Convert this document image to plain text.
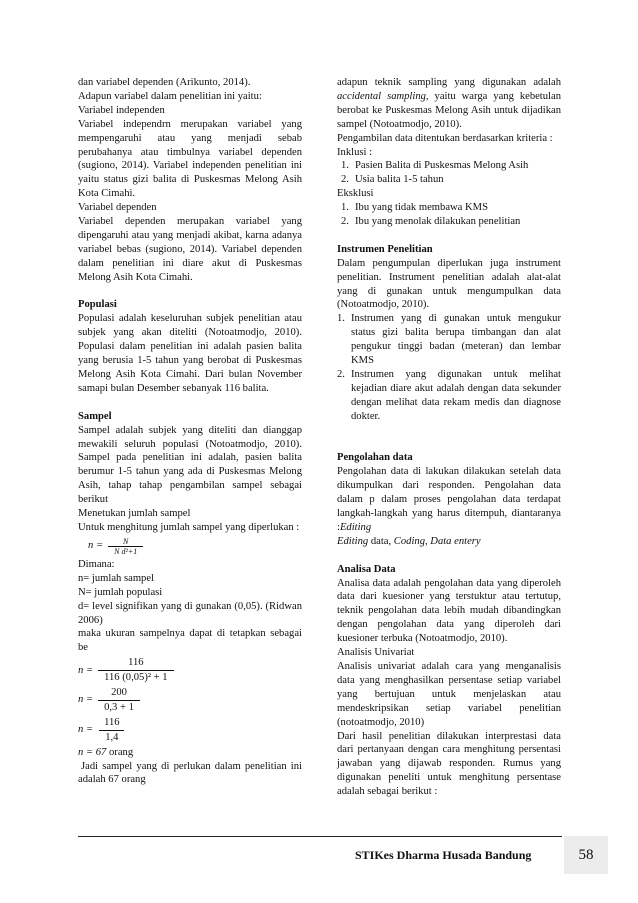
dan variabel dependen (Arikunto, 2014).

Adapun variabel dalam penelitian ini yaitu:

Variabel independen

Variabel independrn merupakan variabel yang mempengaruhi atau yang menjadi sebab perubahanya atau timbulnya variabel dependen (sugiono, 2014). Variabel independen penelitian ini yaitu status gizi balita di Puskesmas Melong Asih Kota Cimahi.

Variabel dependen

Variabel dependen merupakan variabel yang dipengaruhi atau yang menjadi akibat, karna adanya variabel bebas (sugiono, 2014). Variabel dependen dalam penelitian ini diare akut di Puskesmas Melong Asih Kota Cimahi.

Populasi

Populasi adalah keseluruhan subjek penelitian atau subjek yang akan diteliti (Notoatmodjo, 2010). Populasi dalam penelitian ini adalah pasien balita yang berusia 1-5 tahun yang berobat di Puskesmas Melong Asih Kota Cimahi. Dari bulan November samapi bulan Desember sebanyak 116 balita.

Sampel

Sampel adalah subjek yang diteliti dan dianggap mewakili seluruh populasi (Notoatmodjo, 2010). Sampel pada penelitian ini adalah, pasien balita berumur 1-5 tahun yang ada di Puskesmas Melong Asih, tahap tahap pengambilan sampel sebagai berikut

Menetukan jumlah sampel

Untuk menghitung jumlah sampel yang diperlukan :

$n = \frac{N}{\text{N d²+1}}$

Dimana:

n= jumlah sampel

N= jumlah populasi

d= level signifikan yang di gunakan (0,05). (Ridwan 2006)

maka ukuran sampelnya dapat di tetapkan sebagai be

$n = \frac{116}{\text{116 (0,05)² + 1}}$
$n = \frac{200}{0,3 + 1}$
$n = \frac{116}{1,4}$

n = 67 orang

Jadi sampel yang di perlukan dalam penelitian ini adalah 67 orang

adapun teknik sampling yang digunakan adalah accidental sampling, yaitu warga yang kebetulan berobat ke Puskesmas Melong Asih untuk dijadikan sampel (Notoatmodjo, 2010).

Pengambilan data ditentukan berdasarkan kriteria :

Inklusi :

1. Pasien Balita di Puskesmas Melong Asih
2. Usia balita 1-5 tahun

Eksklusi

1. Ibu yang tidak membawa KMS
2. Ibu yang menolak dilakukan penelitian

Instrumen Penelitian

Dalam pengumpulan diperlukan juga instrument penelitian. Instrument penelitian adalah alat-alat yang di gunakan untuk mengumpulkan data (Notoatmodjo, 2010).

1. Instrumen yang di gunakan untuk mengukur status gizi balita berupa timbangan dan alat pengukur tinggi badan (meteran) dan lembar KMS
2. Instrumen yang digunakan untuk melihat kejadian diare akut adalah dengan data sekunder dengan melihat data rekam medis dan diagnose dokter.

Pengolahan data

Pengolahan data di lakukan dilakukan setelah data dikumpulkan dari responden. Pengolahan data dalam p dalam proses pengolahan data terdapat langkah-langkah yang harus ditempuh, diantaranya :Editing

Editing data, Coding, Data entery

Analisa Data

Analisa data adalah pengolahan data yang diperoleh data dari kuesioner yang terstuktur atau tertutup, teknik pengolahan data lebih mudah dibandingkan dengan pengolahan data yang diperoleh dari kuesioner terbuka (Notoatmodjo, 2010).

Analisis Univariat

Analisis univariat adalah cara yang menganalisis data yang menghasilkan persentase setiap variabel yang bertujuan untuk menjelaskan atau mendeskripsikan setiap variabel penelitian (notoatmodjo, 2010)

Dari hasil penelitian dilakukan interprestasi data dari pertanyaan dengan cara menghitung persentasi jawaban yang dijawab responden. Rumus yang digunakan peneliti untuk menghitung persentase adalah sebagai berikut :

STIKes Dharma Husada Bandung	58
